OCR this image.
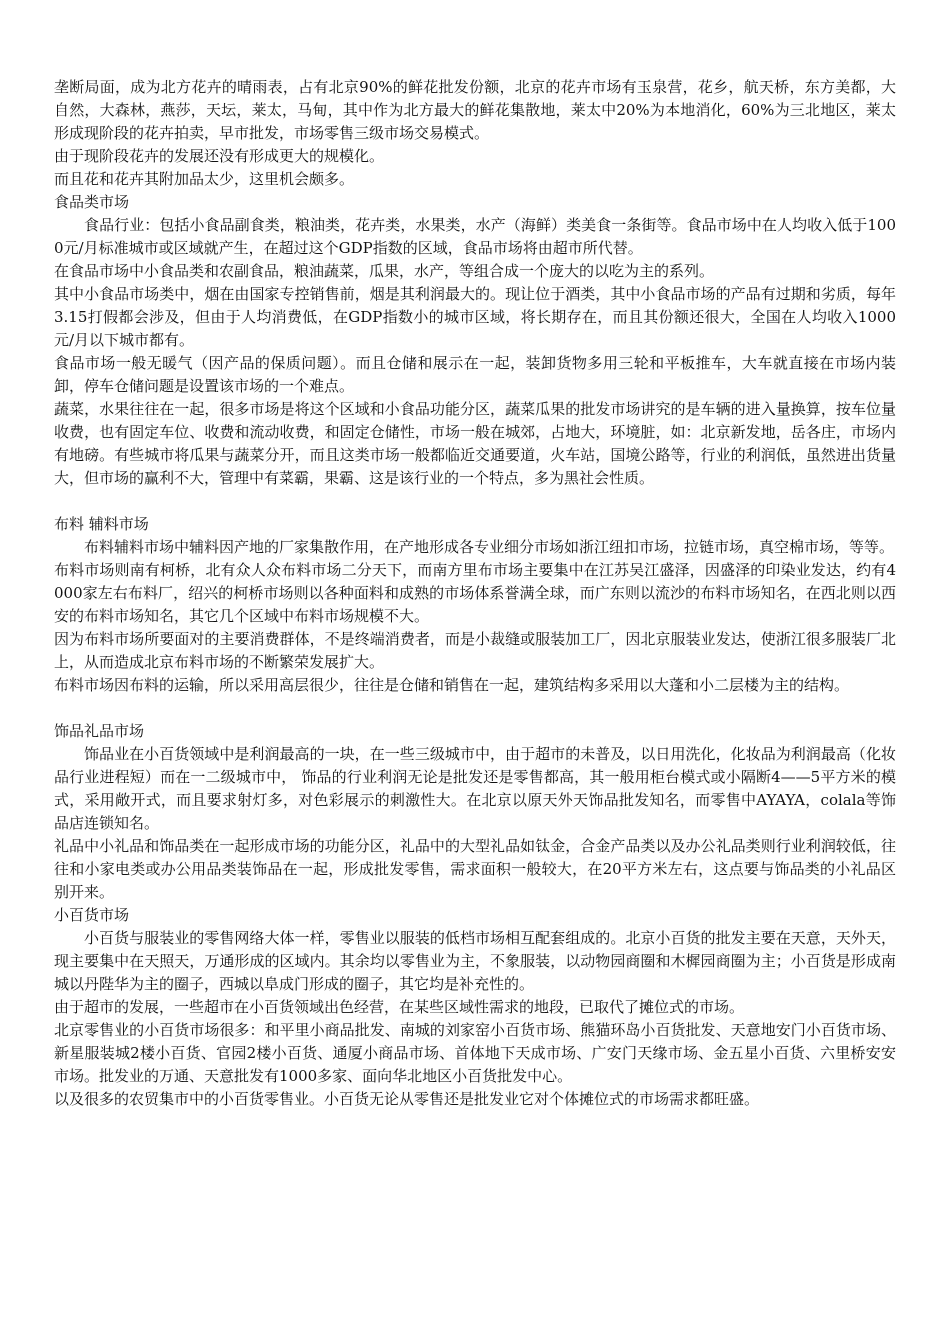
垄断局面，成为北方花卉的晴雨表，占有北京90%的鲜花批发份额，北京的花卉市场有玉泉营，花乡，航天桥，东方美都，大自然，大森林，燕莎，天坛，莱太，马甸，其中作为北方最大的鲜花集散地，莱太中20%为本地消化，60%为三北地区，莱太形成现阶段的花卉拍卖，早市批发，市场零售三级市场交易模式。

由于现阶段花卉的发展还没有形成更大的规模化。

而且花和花卉其附加品太少，这里机会颇多。

食品类市场

食品行业：包括小食品副食类，粮油类，花卉类，水果类，水产（海鲜）类美食一条街等。食品市场中在人均收入低于1000元/月标准城市或区域就产生，在超过这个GDP指数的区域，食品市场将由超市所代替。

在食品市场中小食品类和农副食品，粮油蔬菜，瓜果，水产，等组合成一个庞大的以吃为主的系列。

其中小食品市场类中，烟在由国家专控销售前，烟是其利润最大的。现让位于酒类，其中小食品市场的产品有过期和劣质，每年3.15打假都会涉及，但由于人均消费低，在GDP指数小的城市区域，将长期存在，而且其份额还很大，全国在人均收入1000元/月以下城市都有。

食品市场一般无暖气（因产品的保质问题）。而且仓储和展示在一起，装卸货物多用三轮和平板推车，大车就直接在市场内装卸，停车仓储问题是设置该市场的一个难点。

蔬菜，水果往往在一起，很多市场是将这个区域和小食品功能分区，蔬菜瓜果的批发市场讲究的是车辆的进入量换算，按车位量收费，也有固定车位、收费和流动收费，和固定仓储性，市场一般在城郊，占地大，环境脏，如：北京新发地，岳各庄，市场内有地磅。有些城市将瓜果与蔬菜分开，而且这类市场一般都临近交通要道，火车站，国境公路等，行业的利润低，虽然进出货量大，但市场的赢利不大，管理中有菜霸，果霸、这是该行业的一个特点，多为黑社会性质。

布料 辅料市场

布料辅料市场中辅料因产地的厂家集散作用，在产地形成各专业细分市场如浙江纽扣市场，拉链市场，真空棉市场，等等。

布料市场则南有柯桥，北有众人众布料市场二分天下，而南方里布市场主要集中在江苏吴江盛泽，因盛泽的印染业发达，约有4000家左右布料厂，绍兴的柯桥市场则以各种面料和成熟的市场体系誉满全球，而广东则以流沙的布料市场知名，在西北则以西安的布料市场知名，其它几个区域中布料市场规模不大。

因为布料市场所要面对的主要消费群体，不是终端消费者，而是小裁缝或服装加工厂，因北京服装业发达，使浙江很多服装厂北上，从而造成北京布料市场的不断繁荣发展扩大。

布料市场因布料的运输，所以采用高层很少，往往是仓储和销售在一起，建筑结构多采用以大蓬和小二层楼为主的结构。

饰品礼品市场

饰品业在小百货领域中是利润最高的一块，在一些三级城市中，由于超市的未普及，以日用洗化，化妆品为利润最高（化妆品行业进程短）而在一二级城市中， 饰品的行业利润无论是批发还是零售都高，其一般用柜台模式或小隔断4——5平方米的模式，采用敞开式，而且要求射灯多，对色彩展示的刺激性大。在北京以原天外天饰品批发知名，而零售中AYAYA，colala等饰品店连锁知名。

礼品中小礼品和饰品类在一起形成市场的功能分区，礼品中的大型礼品如钛金，合金产品类以及办公礼品类则行业利润较低，往往和小家电类或办公用品类装饰品在一起，形成批发零售，需求面积一般较大，在20平方米左右，这点要与饰品类的小礼品区别开来。

小百货市场

小百货与服装业的零售网络大体一样，零售业以服装的低档市场相互配套组成的。北京小百货的批发主要在天意，天外天，现主要集中在天照天，万通形成的区域内。其余均以零售业为主，不象服装，以动物园商圈和木樨园商圈为主；小百货是形成南城以丹陛华为主的圈子，西城以阜成门形成的圈子，其它均是补充性的。

由于超市的发展，一些超市在小百货领域出色经营，在某些区域性需求的地段，已取代了摊位式的市场。

北京零售业的小百货市场很多：和平里小商品批发、南城的刘家窑小百货市场、熊猫环岛小百货批发、天意地安门小百货市场、新星服装城2楼小百货、官园2楼小百货、通厦小商品市场、首体地下天成市场、广安门天缘市场、金五星小百货、六里桥安安市场。批发业的万通、天意批发有1000多家、面向华北地区小百货批发中心。

以及很多的农贸集市中的小百货零售业。小百货无论从零售还是批发业它对个体摊位式的市场需求都旺盛。
